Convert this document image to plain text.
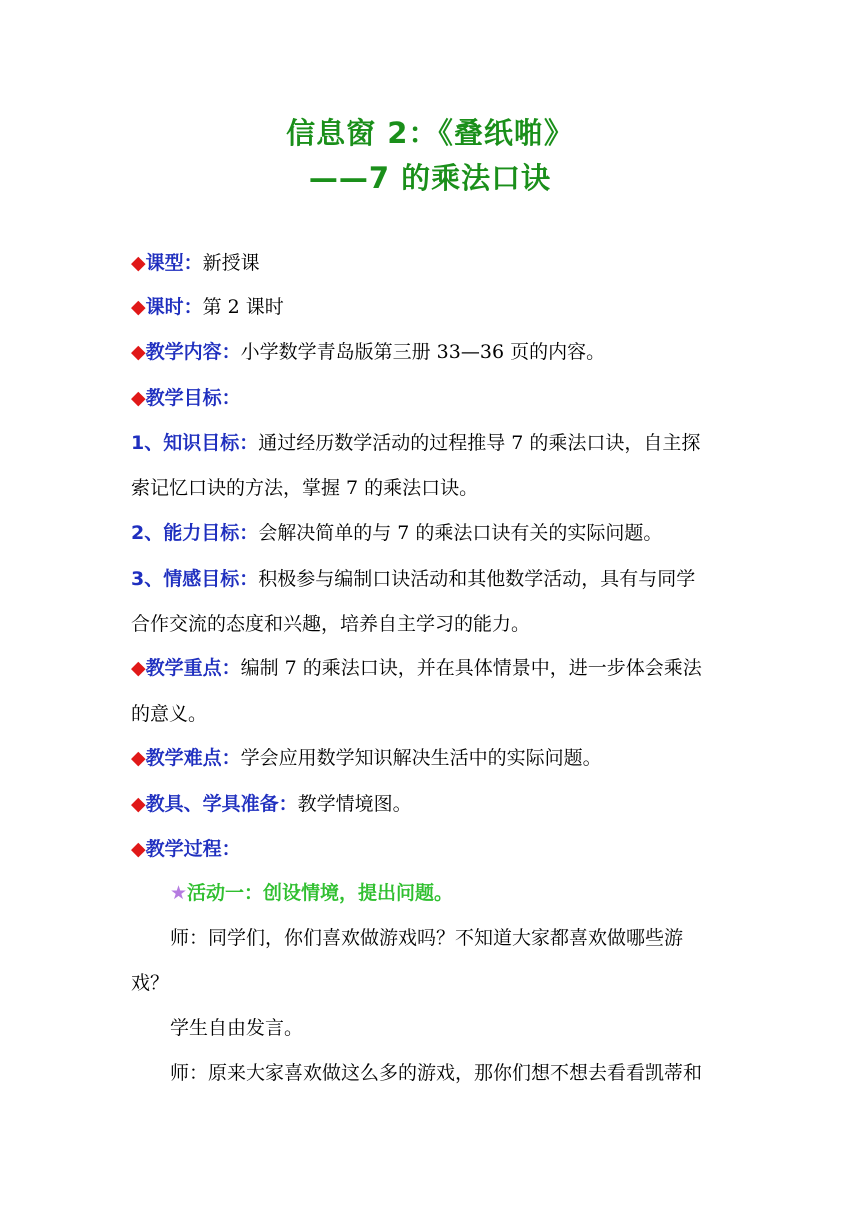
信息窗 2：《叠纸啪》
——7 的乘法口诀
◆课型：新授课
◆课时：第 2 课时
◆教学内容：小学数学青岛版第三册 33—36 页的内容。
◆教学目标：
1、知识目标：通过经历数学活动的过程推导 7 的乘法口诀，自主探
索记忆口诀的方法，掌握 7 的乘法口诀。
2、能力目标：会解决简单的与 7 的乘法口诀有关的实际问题。
3、情感目标：积极参与编制口诀活动和其他数学活动，具有与同学
合作交流的态度和兴趣，培养自主学习的能力。
◆教学重点：编制 7 的乘法口诀，并在具体情景中，进一步体会乘法
的意义。
◆教学难点：学会应用数学知识解决生活中的实际问题。
◆教具、学具准备：教学情境图。
◆教学过程：
★活动一：创设情境，提出问题。
师：同学们，你们喜欢做游戏吗？不知道大家都喜欢做哪些游
戏？
学生自由发言。
师：原来大家喜欢做这么多的游戏，那你们想不想去看看凯蒂和
